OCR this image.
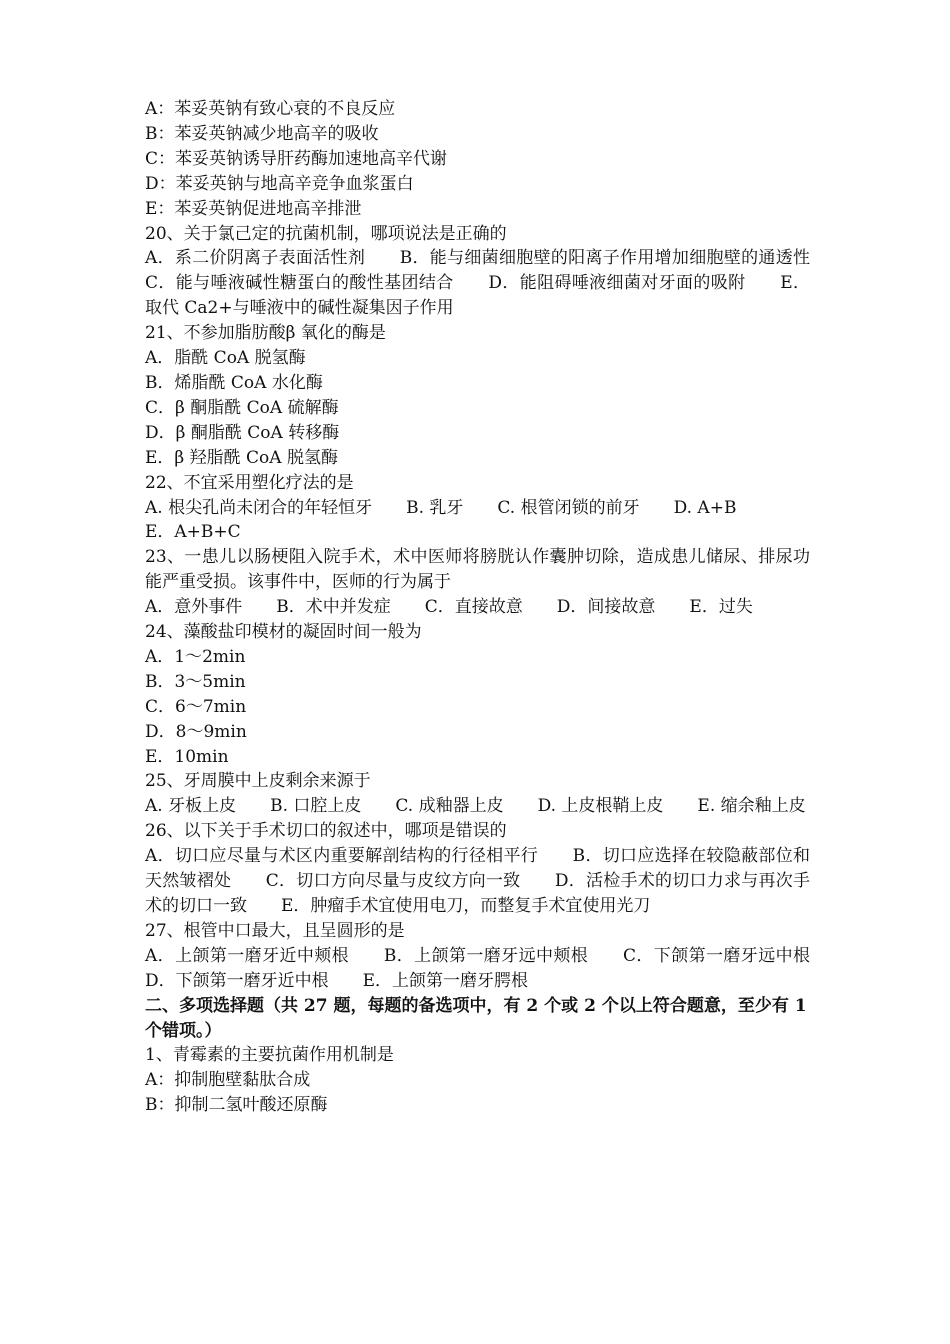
A：苯妥英钠有致心衰的不良反应
B：苯妥英钠减少地高辛的吸收
C：苯妥英钠诱导肝药酶加速地高辛代谢
D：苯妥英钠与地高辛竞争血浆蛋白
E：苯妥英钠促进地高辛排泄
20、关于氯己定的抗菌机制，哪项说法是正确的
A．系二价阴离子表面活性剂　　B．能与细菌细胞壁的阳离子作用增加细胞壁的通透性　　C．能与唾液碱性糖蛋白的酸性基团结合　　D．能阻碍唾液细菌对牙面的吸附　　E．取代 Ca2+与唾液中的碱性凝集因子作用
21、不参加脂肪酸β 氧化的酶是
A．脂酰 CoA 脱氢酶
B．烯脂酰 CoA 水化酶
C．β 酮脂酰 CoA 硫解酶
D．β 酮脂酰 CoA 转移酶
E．β 羟脂酰 CoA 脱氢酶
22、不宜采用塑化疗法的是
A. 根尖孔尚未闭合的年轻恒牙　　B. 乳牙　　C. 根管闭锁的前牙　　D. A+B
E．A+B+C
23、一患儿以肠梗阻入院手术，术中医师将膀胱认作囊肿切除，造成患儿储尿、排尿功能严重受损。该事件中，医师的行为属于
A．意外事件　　B．术中并发症　　C．直接故意　　D．间接故意　　E．过失
24、藻酸盐印模材的凝固时间一般为
A．1～2min
B．3～5min
C．6～7min
D．8～9min
E．10min
25、牙周膜中上皮剩余来源于
A. 牙板上皮　　B. 口腔上皮　　C. 成釉器上皮　　D. 上皮根鞘上皮　　E. 缩余釉上皮
26、以下关于手术切口的叙述中，哪项是错误的
A．切口应尽量与术区内重要解剖结构的行径相平行　　B．切口应选择在较隐蔽部位和天然皱褶处　　C．切口方向尽量与皮纹方向一致　　D．活检手术的切口力求与再次手术的切口一致　　E．肿瘤手术宜使用电刀，而整复手术宜使用光刀
27、根管中口最大，且呈圆形的是
A．上颌第一磨牙近中颊根　　B．上颌第一磨牙远中颊根　　C．下颌第一磨牙远中根　　D．下颌第一磨牙近中根　　E．上颌第一磨牙腭根
二、多项选择题（共 27 题，每题的备选项中，有 2 个或 2 个以上符合题意，至少有 1 个错项。）
1、青霉素的主要抗菌作用机制是
A：抑制胞壁黏肽合成
B：抑制二氢叶酸还原酶
